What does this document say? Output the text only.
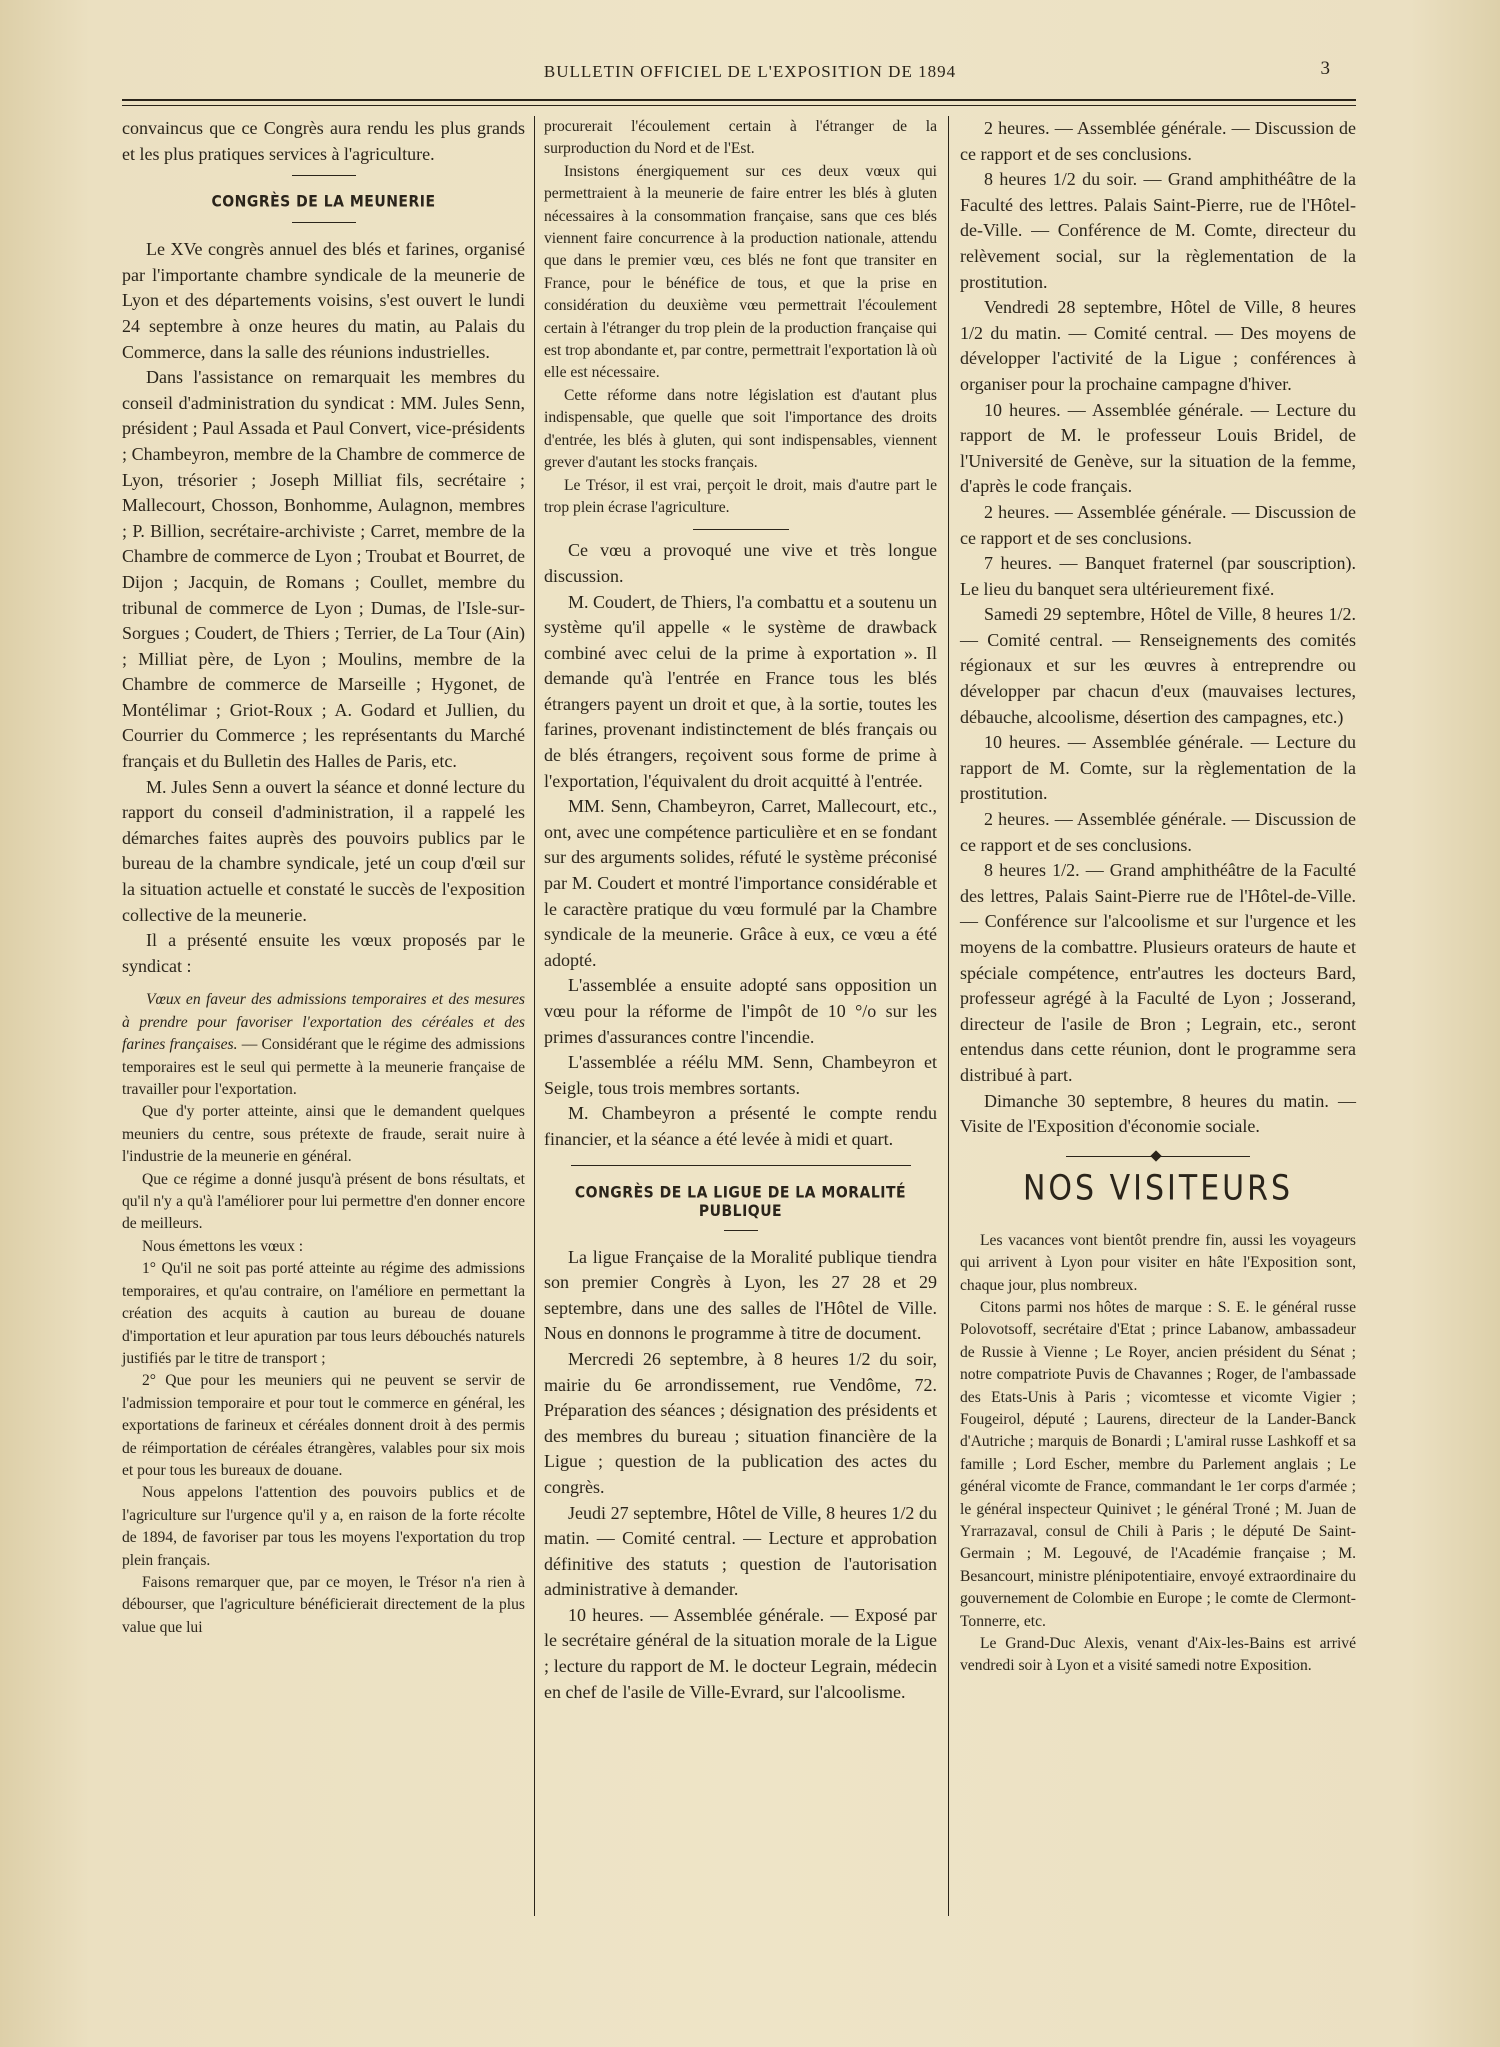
BULLETIN OFFICIEL DE L'EXPOSITION DE 1894	3

convaincus que ce Congrès aura rendu les plus grands et les plus pratiques services à l'agriculture.

CONGRÈS DE LA MEUNERIE

Le XVe congrès annuel des blés et farines, organisé par l'importante chambre syndicale de la meunerie de Lyon et des départements voisins, s'est ouvert le lundi 24 septembre à onze heures du matin, au Palais du Commerce, dans la salle des réunions industrielles.

Dans l'assistance on remarquait les membres du conseil d'administration du syndicat : MM. Jules Senn, président ; Paul Assada et Paul Convert, vice-présidents ; Chambeyron, membre de la Chambre de commerce de Lyon, trésorier ; Joseph Milliat fils, secrétaire ; Mallecourt, Chosson, Bonhomme, Aulagnon, membres ; P. Billion, secrétaire-archiviste ; Carret, membre de la Chambre de commerce de Lyon ; Troubat et Bourret, de Dijon ; Jacquin, de Romans ; Coullet, membre du tribunal de commerce de Lyon ; Dumas, de l'Isle-sur-Sorgues ; Coudert, de Thiers ; Terrier, de La Tour (Ain) ; Milliat père, de Lyon ; Moulins, membre de la Chambre de commerce de Marseille ; Hygonet, de Montélimar ; Griot-Roux ; A. Godard et Jullien, du Courrier du Commerce ; les représentants du Marché français et du Bulletin des Halles de Paris, etc.

M. Jules Senn a ouvert la séance et donné lecture du rapport du conseil d'administration, il a rappelé les démarches faites auprès des pouvoirs publics par le bureau de la chambre syndicale, jeté un coup d'œil sur la situation actuelle et constaté le succès de l'exposition collective de la meunerie.

Il a présenté ensuite les vœux proposés par le syndicat :

Vœux en faveur des admissions temporaires et des mesures à prendre pour favoriser l'exportation des céréales et des farines françaises. — Considérant que le régime des admissions temporaires est le seul qui permette à la meunerie française de travailler pour l'exportation.

Que d'y porter atteinte, ainsi que le demandent quelques meuniers du centre, sous prétexte de fraude, serait nuire à l'industrie de la meunerie en général.

Que ce régime a donné jusqu'à présent de bons résultats, et qu'il n'y a qu'à l'améliorer pour lui permettre d'en donner encore de meilleurs.

Nous émettons les vœux :

1° Qu'il ne soit pas porté atteinte au régime des admissions temporaires, et qu'au contraire, on l'améliore en permettant la création des acquits à caution au bureau de douane d'importation et leur apuration par tous leurs débouchés naturels justifiés par le titre de transport ;

2° Que pour les meuniers qui ne peuvent se servir de l'admission temporaire et pour tout le commerce en général, les exportations de farineux et céréales donnent droit à des permis de réimportation de céréales étrangères, valables pour six mois et pour tous les bureaux de douane.

Nous appelons l'attention des pouvoirs publics et de l'agriculture sur l'urgence qu'il y a, en raison de la forte récolte de 1894, de favoriser par tous les moyens l'exportation du trop plein français.

Faisons remarquer que, par ce moyen, le Trésor n'a rien à débourser, que l'agriculture bénéficierait directement de la plus value que lui

procurerait l'écoulement certain à l'étranger de la surproduction du Nord et de l'Est.

Insistons énergiquement sur ces deux vœux qui permettraient à la meunerie de faire entrer les blés à gluten nécessaires à la consommation française, sans que ces blés viennent faire concurrence à la production nationale, attendu que dans le premier vœu, ces blés ne font que transiter en France, pour le bénéfice de tous, et que la prise en considération du deuxième vœu permettrait l'écoulement certain à l'étranger du trop plein de la production française qui est trop abondante et, par contre, permettrait l'exportation là où elle est nécessaire.

Cette réforme dans notre législation est d'autant plus indispensable, que quelle que soit l'importance des droits d'entrée, les blés à gluten, qui sont indispensables, viennent grever d'autant les stocks français.

Le Trésor, il est vrai, perçoit le droit, mais d'autre part le trop plein écrase l'agriculture.

Ce vœu a provoqué une vive et très longue discussion.

M. Coudert, de Thiers, l'a combattu et a soutenu un système qu'il appelle « le système de drawback combiné avec celui de la prime à exportation ». Il demande qu'à l'entrée en France tous les blés étrangers payent un droit et que, à la sortie, toutes les farines, provenant indistinctement de blés français ou de blés étrangers, reçoivent sous forme de prime à l'exportation, l'équivalent du droit acquitté à l'entrée.

MM. Senn, Chambeyron, Carret, Mallecourt, etc., ont, avec une compétence particulière et en se fondant sur des arguments solides, réfuté le système préconisé par M. Coudert et montré l'importance considérable et le caractère pratique du vœu formulé par la Chambre syndicale de la meunerie. Grâce à eux, ce vœu a été adopté.

L'assemblée a ensuite adopté sans opposition un vœu pour la réforme de l'impôt de 10 °/o sur les primes d'assurances contre l'incendie.

L'assemblée a réélu MM. Senn, Chambeyron et Seigle, tous trois membres sortants.

M. Chambeyron a présenté le compte rendu financier, et la séance a été levée à midi et quart.

CONGRÈS DE LA LIGUE DE LA MORALITÉ PUBLIQUE

La ligue Française de la Moralité publique tiendra son premier Congrès à Lyon, les 27 28 et 29 septembre, dans une des salles de l'Hôtel de Ville. Nous en donnons le programme à titre de document.

Mercredi 26 septembre, à 8 heures 1/2 du soir, mairie du 6e arrondissement, rue Vendôme, 72. Préparation des séances ; désignation des présidents et des membres du bureau ; situation financière de la Ligue ; question de la publication des actes du congrès.

Jeudi 27 septembre, Hôtel de Ville, 8 heures 1/2 du matin. — Comité central. — Lecture et approbation définitive des statuts ; question de l'autorisation administrative à demander.

10 heures. — Assemblée générale. — Exposé par le secrétaire général de la situation morale de la Ligue ; lecture du rapport de M. le docteur Legrain, médecin en chef de l'asile de Ville-Evrard, sur l'alcoolisme.

2 heures. — Assemblée générale. — Discussion de ce rapport et de ses conclusions.

8 heures 1/2 du soir. — Grand amphithéâtre de la Faculté des lettres. Palais Saint-Pierre, rue de l'Hôtel-de-Ville. — Conférence de M. Comte, directeur du relèvement social, sur la règlementation de la prostitution.

Vendredi 28 septembre, Hôtel de Ville, 8 heures 1/2 du matin. — Comité central. — Des moyens de développer l'activité de la Ligue ; conférences à organiser pour la prochaine campagne d'hiver.

10 heures. — Assemblée générale. — Lecture du rapport de M. le professeur Louis Bridel, de l'Université de Genève, sur la situation de la femme, d'après le code français.

2 heures. — Assemblée générale. — Discussion de ce rapport et de ses conclusions.

7 heures. — Banquet fraternel (par souscription). Le lieu du banquet sera ultérieurement fixé.

Samedi 29 septembre, Hôtel de Ville, 8 heures 1/2. — Comité central. — Renseignements des comités régionaux et sur les œuvres à entreprendre ou développer par chacun d'eux (mauvaises lectures, débauche, alcoolisme, désertion des campagnes, etc.)

10 heures. — Assemblée générale. — Lecture du rapport de M. Comte, sur la règlementation de la prostitution.

2 heures. — Assemblée générale. — Discussion de ce rapport et de ses conclusions.

8 heures 1/2. — Grand amphithéâtre de la Faculté des lettres, Palais Saint-Pierre rue de l'Hôtel-de-Ville. — Conférence sur l'alcoolisme et sur l'urgence et les moyens de la combattre. Plusieurs orateurs de haute et spéciale compétence, entr'autres les docteurs Bard, professeur agrégé à la Faculté de Lyon ; Josserand, directeur de l'asile de Bron ; Legrain, etc., seront entendus dans cette réunion, dont le programme sera distribué à part.

Dimanche 30 septembre, 8 heures du matin. — Visite de l'Exposition d'économie sociale.

NOS VISITEURS

Les vacances vont bientôt prendre fin, aussi les voyageurs qui arrivent à Lyon pour visiter en hâte l'Exposition sont, chaque jour, plus nombreux.

Citons parmi nos hôtes de marque : S. E. le général russe Polovotsoff, secrétaire d'Etat ; prince Labanow, ambassadeur de Russie à Vienne ; Le Royer, ancien président du Sénat ; notre compatriote Puvis de Chavannes ; Roger, de l'ambassade des Etats-Unis à Paris ; vicomtesse et vicomte Vigier ; Fougeirol, député ; Laurens, directeur de la Lander-Banck d'Autriche ; marquis de Bonardi ; L'amiral russe Lashkoff et sa famille ; Lord Escher, membre du Parlement anglais ; Le général vicomte de France, commandant le 1er corps d'armée ; le général inspecteur Quinivet ; le général Troné ; M. Juan de Yrarrazaval, consul de Chili à Paris ; le député De Saint-Germain ; M. Legouvé, de l'Académie française ; M. Besancourt, ministre plénipotentiaire, envoyé extraordinaire du gouvernement de Colombie en Europe ; le comte de Clermont-Tonnerre, etc.

Le Grand-Duc Alexis, venant d'Aix-les-Bains est arrivé vendredi soir à Lyon et a visité samedi notre Exposition.
